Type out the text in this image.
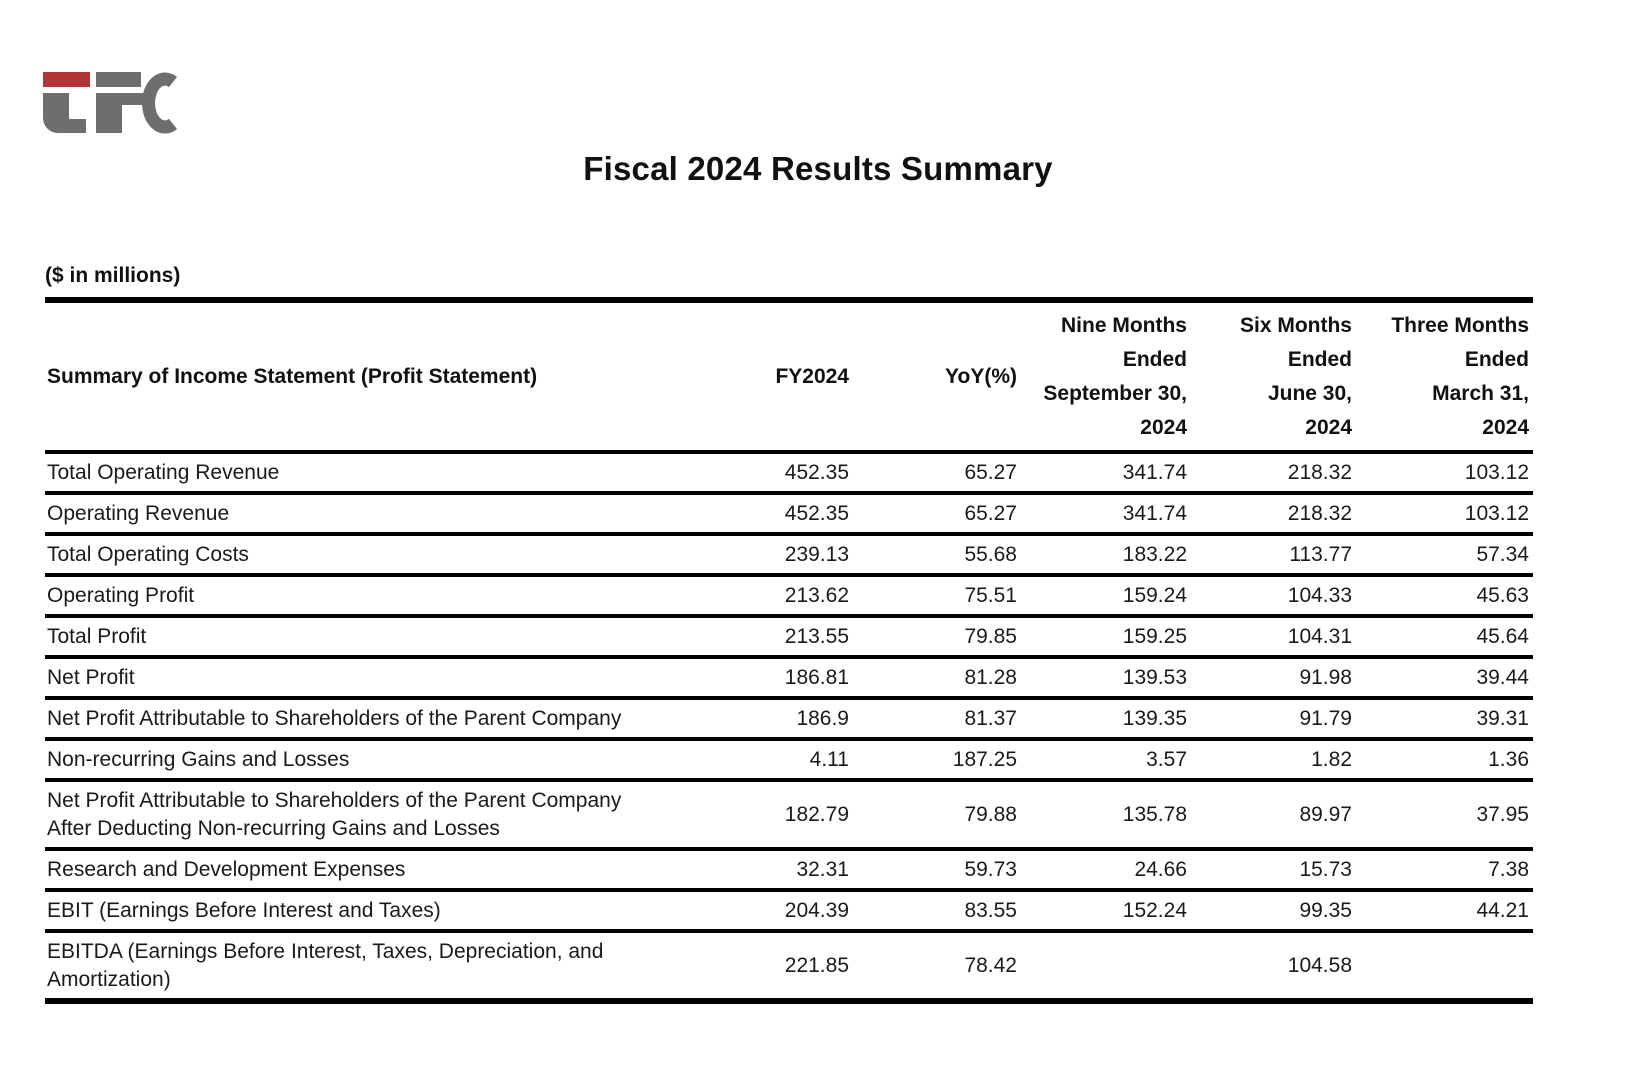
Fiscal 2024 Results Summary
($ in millions)
Summary of Income Statement (Profit Statement)	FY2024	YoY(%)	Nine Months
Ended
September 30,
2024	Six Months
Ended
June 30,
2024	Three Months
Ended
March 31,
2024
Total Operating Revenue	452.35	65.27	341.74	218.32	103.12
Operating Revenue	452.35	65.27	341.74	218.32	103.12
Total Operating Costs	239.13	55.68	183.22	113.77	57.34
Operating Profit	213.62	75.51	159.24	104.33	45.63
Total Profit	213.55	79.85	159.25	104.31	45.64
Net Profit	186.81	81.28	139.53	91.98	39.44
Net Profit Attributable to Shareholders of the Parent Company	186.9	81.37	139.35	91.79	39.31
Non-recurring Gains and Losses	4.11	187.25	3.57	1.82	1.36
Net Profit Attributable to Shareholders of the Parent Company
After Deducting Non-recurring Gains and Losses	182.79	79.88	135.78	89.97	37.95
Research and Development Expenses	32.31	59.73	24.66	15.73	7.38
EBIT (Earnings Before Interest and Taxes)	204.39	83.55	152.24	99.35	44.21
EBITDA (Earnings Before Interest, Taxes, Depreciation, and
Amortization)	221.85	78.42		104.58	
